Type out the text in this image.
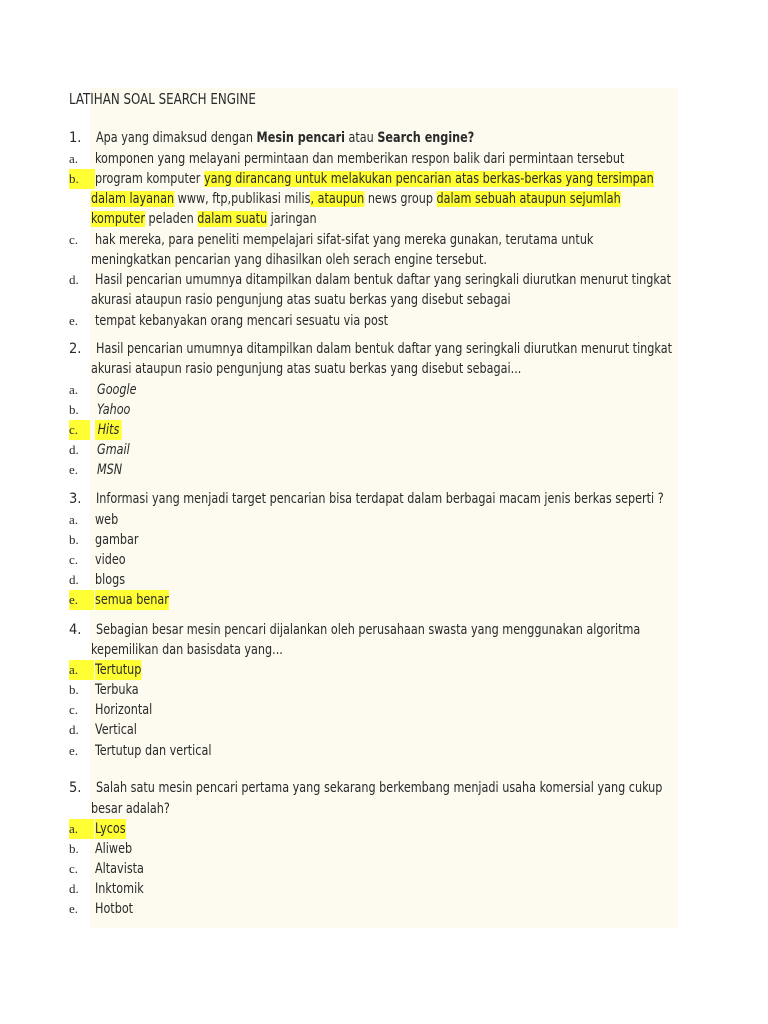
LATIHAN SOAL SEARCH ENGINE
1. Apa yang dimaksud dengan Mesin pencari atau Search engine?
a. komponen yang melayani permintaan dan memberikan respon balik dari permintaan tersebut
b.	program komputer yang dirancang untuk melakukan pencarian atas berkas-berkas yang tersimpan
dalam layanan www, ftp,publikasi milis, ataupun news group dalam sebuah ataupun sejumlah
komputer peladen dalam suatu jaringan
c. hak mereka, para peneliti mempelajari sifat-sifat yang mereka gunakan, terutama untuk
meningkatkan pencarian yang dihasilkan oleh serach engine tersebut.
d. Hasil pencarian umumnya ditampilkan dalam bentuk daftar yang seringkali diurutkan menurut tingkat
akurasi ataupun rasio pengunjung atas suatu berkas yang disebut sebagai
e. tempat kebanyakan orang mencari sesuatu via post
2. Hasil pencarian umumnya ditampilkan dalam bentuk daftar yang seringkali diurutkan menurut tingkat
akurasi ataupun rasio pengunjung atas suatu berkas yang disebut sebagai...
a. Google
b. Yahoo
c.	Hits
d. Gmail
e. MSN
3. Informasi yang menjadi target pencarian bisa terdapat dalam berbagai macam jenis berkas seperti ?
a. web
b. gambar
c. video
d. blogs
e.	semua benar
4. Sebagian besar mesin pencari dijalankan oleh perusahaan swasta yang menggunakan algoritma
kepemilikan dan basisdata yang...
a.	Tertutup
b. Terbuka
c. Horizontal
d. Vertical
e. Tertutup dan vertical
5. Salah satu mesin pencari pertama yang sekarang berkembang menjadi usaha komersial yang cukup
besar adalah?
a.	Lycos
b. Aliweb
c. Altavista
d. Inktomik
e. Hotbot
